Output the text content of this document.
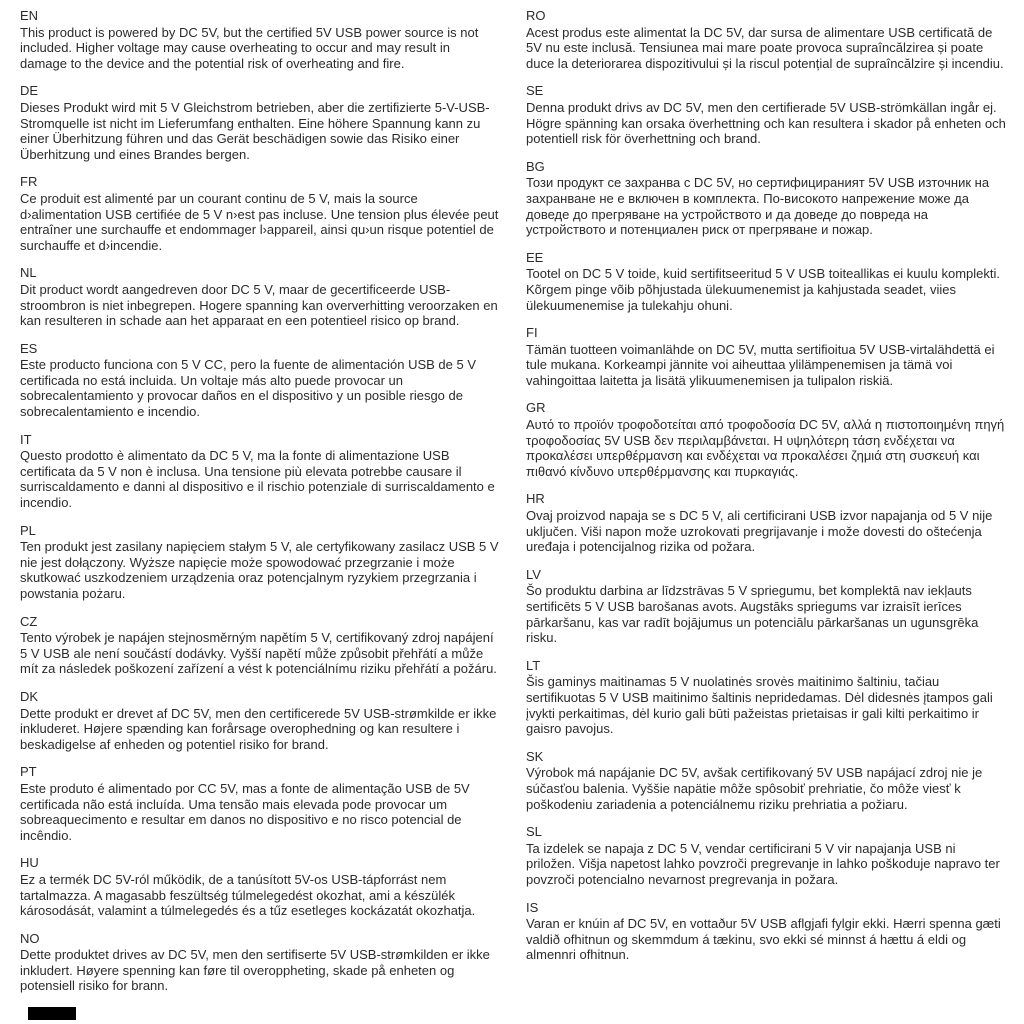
EN

This product is powered by DC 5V, but the certified 5V USB power source is not included. Higher voltage may cause overheating to occur and may result in damage to the device and the potential risk of overheating and fire.

DE

Dieses Produkt wird mit 5 V Gleichstrom betrieben, aber die zertifizierte 5-V-USB-Stromquelle ist nicht im Lieferumfang enthalten. Eine höhere Spannung kann zu einer Überhitzung führen und das Gerät beschädigen sowie das Risiko einer Überhitzung und eines Brandes bergen.

FR

Ce produit est alimenté par un courant continu de 5 V, mais la source d›alimentation USB certifiée de 5 V n›est pas incluse. Une tension plus élevée peut entraîner une surchauffe et endommager l›appareil, ainsi qu›un risque potentiel de surchauffe et d›incendie.

NL

Dit product wordt aangedreven door DC 5 V, maar de gecertificeerde USB-stroombron is niet inbegrepen. Hogere spanning kan oververhitting veroorzaken en kan resulteren in schade aan het apparaat en een potentieel risico op brand.

ES

Este producto funciona con 5 V CC, pero la fuente de alimentación USB de 5 V certificada no está incluida. Un voltaje más alto puede provocar un sobrecalentamiento y provocar daños en el dispositivo y un posible riesgo de sobrecalentamiento e incendio.

IT

Questo prodotto è alimentato da DC 5 V, ma la fonte di alimentazione USB certificata da 5 V non è inclusa. Una tensione più elevata potrebbe causare il surriscaldamento e danni al dispositivo e il rischio potenziale di surriscaldamento e incendio.

PL

Ten produkt jest zasilany napięciem stałym 5 V, ale certyfikowany zasilacz USB 5 V nie jest dołączony. Wyższe napięcie może spowodować przegrzanie i może skutkować uszkodzeniem urządzenia oraz potencjalnym ryzykiem przegrzania i powstania pożaru.

CZ

Tento výrobek je napájen stejnosměrným napětím 5 V, certifikovaný zdroj napájení 5 V USB ale není součástí dodávky. Vyšší napětí může způsobit přehřátí a může mít za následek poškození zařízení a vést k potenciálnímu riziku přehřátí a požáru.

DK

Dette produkt er drevet af DC 5V, men den certificerede 5V USB-strømkilde er ikke inkluderet. Højere spænding kan forårsage overophedning og kan resultere i beskadigelse af enheden og potentiel risiko for brand.

PT

Este produto é alimentado por CC 5V, mas a fonte de alimentação USB de 5V certificada não está incluída. Uma tensão mais elevada pode provocar um sobreaquecimento e resultar em danos no dispositivo e no risco potencial de incêndio.

HU

Ez a termék DC 5V-ról működik, de a tanúsított 5V-os USB-tápforrást nem tartalmazza. A magasabb feszültség túlmelegedést okozhat, ami a készülék károsodását, valamint a túlmelegedés és a tűz esetleges kockázatát okozhatja.

NO

Dette produktet drives av DC 5V, men den sertifiserte 5V USB-strømkilden er ikke inkludert. Høyere spenning kan føre til overoppheting, skade på enheten og potensiell risiko for brann.

RO

Acest produs este alimentat la DC 5V, dar sursa de alimentare USB certificată de 5V nu este inclusă. Tensiunea mai mare poate provoca supraîncălzirea și poate duce la deteriorarea dispozitivului și la riscul potențial de supraîncălzire și incendiu.

SE

Denna produkt drivs av DC 5V, men den certifierade 5V USB-strömkällan ingår ej. Högre spänning kan orsaka överhettning och kan resultera i skador på enheten och potentiell risk för överhettning och brand.

BG

Този продукт се захранва с DC 5V, но сертифицираният 5V USB източник на захранване не е включен в комплекта. По-високото напрежение може да доведе до прегряване на устройството и да доведе до повреда на устройството и потенциален риск от прегряване и пожар.

EE

Tootel on DC 5 V toide, kuid sertifitseeritud 5 V USB toiteallikas ei kuulu komplekti. Kõrgem pinge võib põhjustada ülekuumenemist ja kahjustada seadet, viies ülekuumenemise ja tulekahju ohuni.

FI

Tämän tuotteen voimanlähde on DC 5V, mutta sertifioitua 5V USB-virtalähdettä ei tule mukana. Korkeampi jännite voi aiheuttaa ylilämpenemisen ja tämä voi vahingoittaa laitetta ja lisätä ylikuumenemisen ja tulipalon riskiä.

GR

Αυτό το προϊόν τροφοδοτείται από τροφοδοσία DC 5V, αλλά η πιστοποιημένη πηγή τροφοδοσίας 5V USB δεν περιλαμβάνεται. Η υψηλότερη τάση ενδέχεται να προκαλέσει υπερθέρμανση και ενδέχεται να προκαλέσει ζημιά στη συσκευή και πιθανό κίνδυνο υπερθέρμανσης και πυρκαγιάς.

HR

Ovaj proizvod napaja se s DC 5 V, ali certificirani USB izvor napajanja od 5 V nije uključen. Viši napon može uzrokovati pregrijavanje i može dovesti do oštećenja uređaja i potencijalnog rizika od požara.

LV

Šo produktu darbina ar līdzstrāvas 5 V spriegumu, bet komplektā nav iekļauts sertificēts 5 V USB barošanas avots. Augstāks spriegums var izraisīt ierīces pārkaršanu, kas var radīt bojājumus un potenciālu pārkaršanas un ugunsgrēka risku.

LT

Šis gaminys maitinamas 5 V nuolatinės srovės maitinimo šaltiniu, tačiau sertifikuotas 5 V USB maitinimo šaltinis nepridedamas. Dėl didesnės įtampos gali įvykti perkaitimas, dėl kurio gali būti pažeistas prietaisas ir gali kilti perkaitimo ir gaisro pavojus.

SK

Výrobok má napájanie DC 5V, avšak certifikovaný 5V USB napájací zdroj nie je súčasťou balenia. Vyššie napätie môže spôsobiť prehriatie, čo môže viesť k poškodeniu zariadenia a potenciálnemu riziku prehriatia a požiaru.

SL

Ta izdelek se napaja z DC 5 V, vendar certificirani 5 V vir napajanja USB ni priložen. Višja napetost lahko povzroči pregrevanje in lahko poškoduje napravo ter povzroči potencialno nevarnost pregrevanja in požara.

IS

Varan er knúin af DC 5V, en vottaður 5V USB aflgjafi fylgir ekki. Hærri spenna gæti valdið ofhitnun og skemmdum á tækinu, svo ekki sé minnst á hættu á eldi og almennri ofhitnun.
